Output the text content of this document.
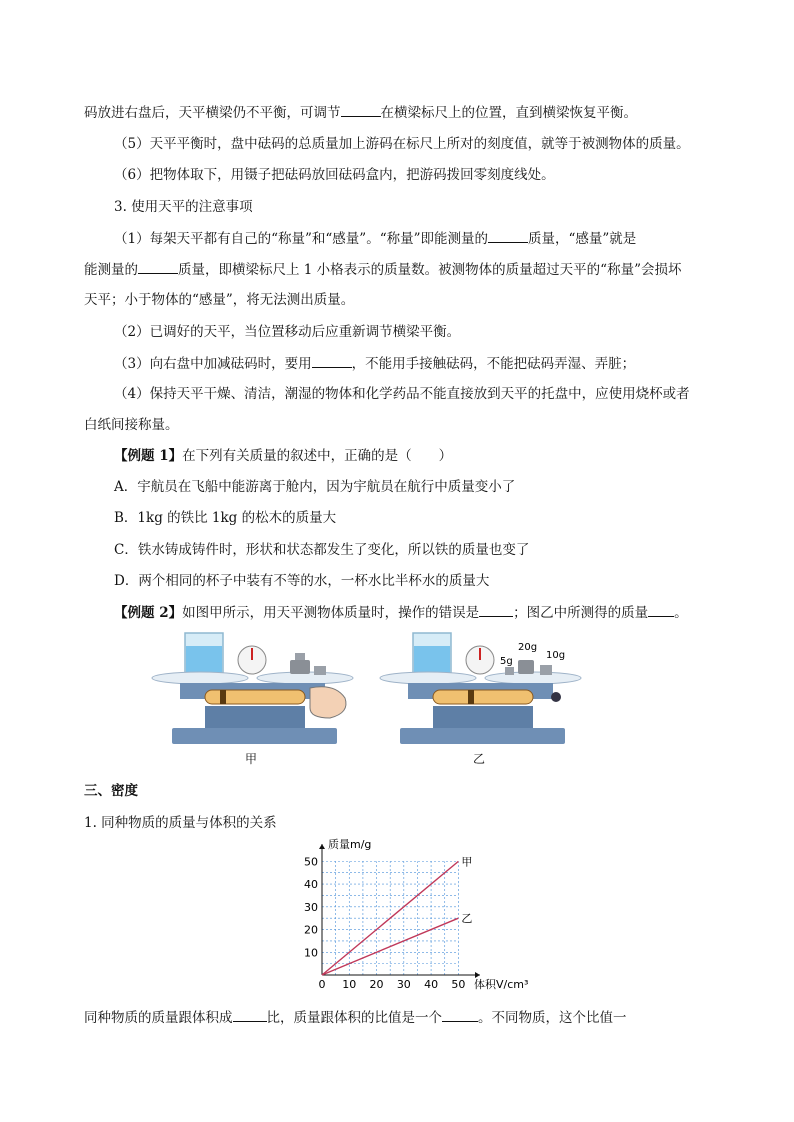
码放进右盘后，天平横梁仍不平衡，可调节	在横梁标尺上的位置，直到横梁恢复平衡。
（5）天平平衡时，盘中砝码的总质量加上游码在标尺上所对的刻度值，就等于被测物体的质量。
（6）把物体取下，用镊子把砝码放回砝码盒内，把游码拨回零刻度线处。
3. 使用天平的注意事项
（1）每架天平都有自己的“称量”和“感量”。“称量”即能测量的	质量，“感量”就是
能测量的	质量，即横梁标尺上 1 小格表示的质量数。被测物体的质量超过天平的“称量”会损坏
天平；小于物体的“感量”，将无法测出质量。
（2）已调好的天平，当位置移动后应重新调节横梁平衡。
（3）向右盘中加减砝码时，要用	，不能用手接触砝码，不能把砝码弄湿、弄脏；
（4）保持天平干燥、清洁，潮湿的物体和化学药品不能直接放到天平的托盘中，应使用烧杯或者
白纸间接称量。
【例题 1】在下列有关质量的叙述中，正确的是（　　）
A．宇航员在飞船中能游离于舱内，因为宇航员在航行中质量变小了
B．1kg 的铁比 1kg 的松木的质量大
C．铁水铸成铸件时，形状和状态都发生了变化，所以铁的质量也变了
D．两个相同的杯子中装有不等的水，一杯水比半杯水的质量大
【例题 2】如图甲所示，用天平测物体质量时，操作的错误是	；图乙中所测得的质量 。
20g
5g
10g
甲	乙
三、密度
1. 同种物质的质量与体积的关系
0 10 20 30 40 50
10
20
30
40
50
质量m/g
体积V/cm³
甲
乙
同种物质的质量跟体积成	比，质量跟体积的比值是一个	。不同物质，这个比值一
